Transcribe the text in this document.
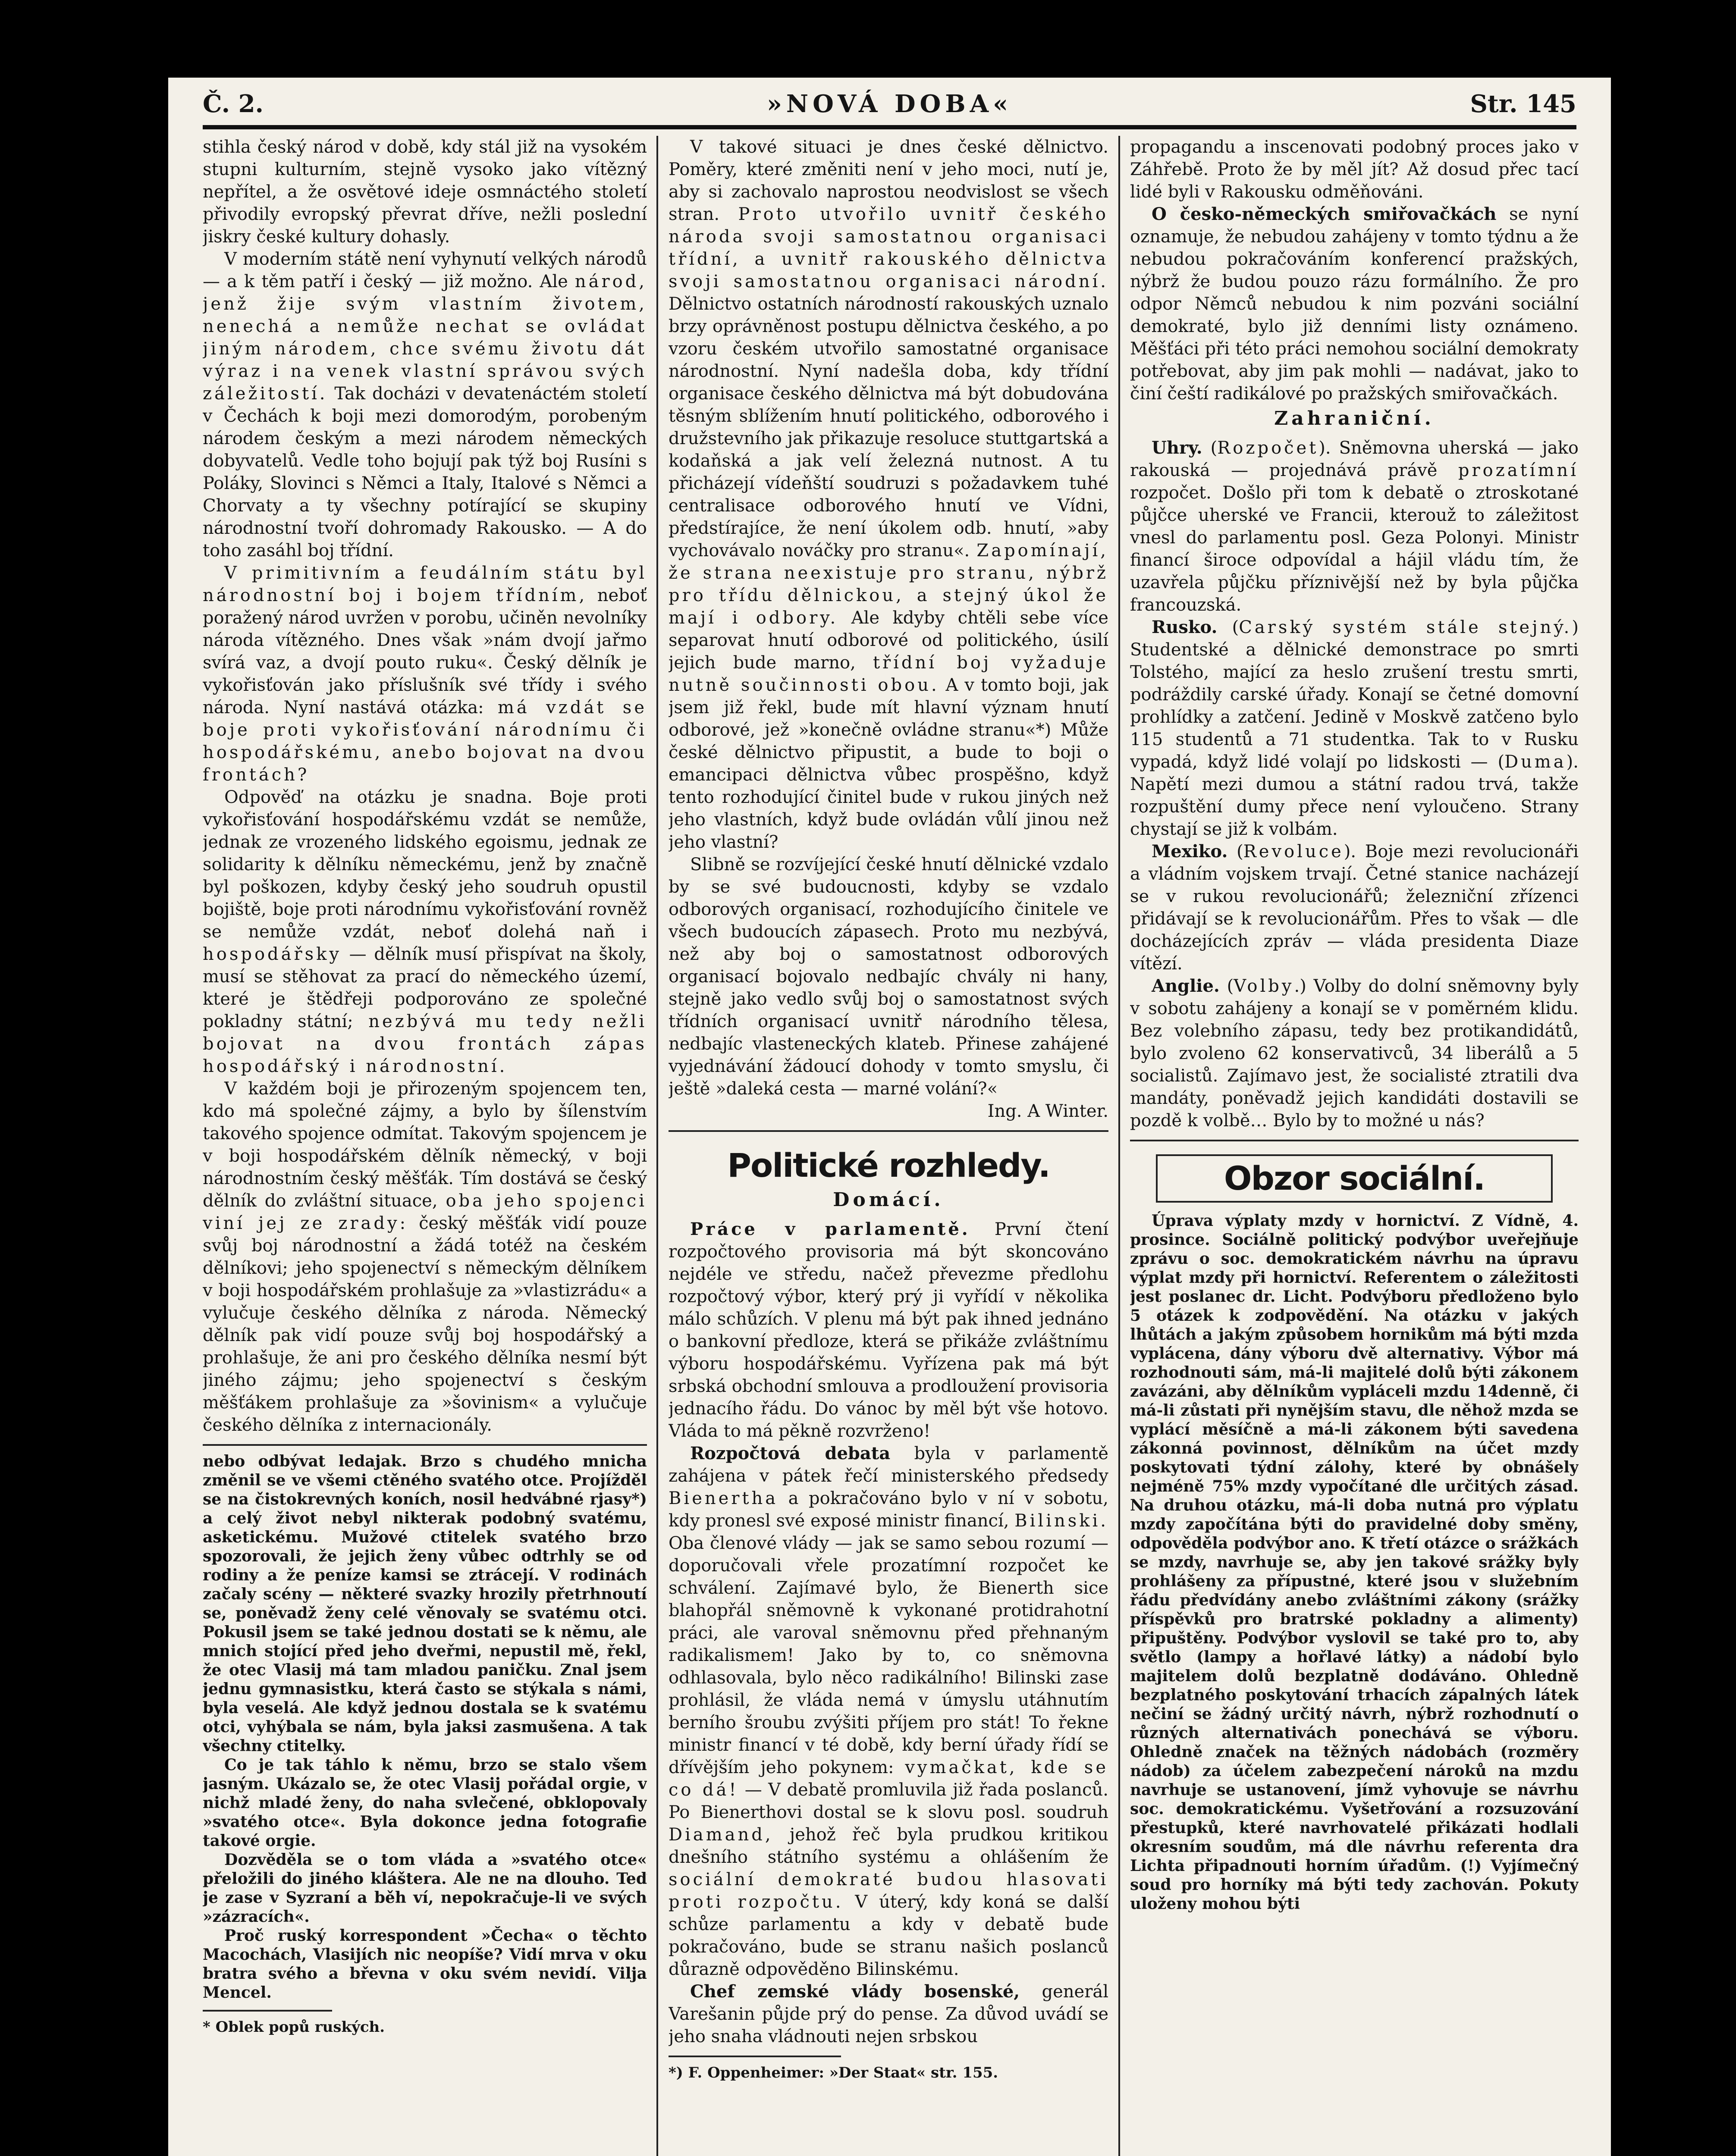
Č. 2.	»NOVÁ DOBA«	Str. 145

stihla český národ v době, kdy stál již na vysokém stupni kulturním, stejně vysoko jako vítězný nepřítel, a že osvětové ideje osmnáctého století přivodily evropský převrat dříve, nežli poslední jiskry české kultury dohasly.

V moderním státě není vyhynutí velkých národů — a k těm patří i český — již možno. Ale národ, jenž žije svým vlastním životem, nenechá a nemůže nechat se ovládat jiným národem, chce svému životu dát výraz i na venek vlastní správou svých záležitostí. Tak docházi v devatenáctém století v Čechách k boji mezi domorodým, porobeným národem českým a mezi národem německých dobyvatelů. Vedle toho bojují pak týž boj Rusíni s Poláky, Slovinci s Němci a Italy, Italové s Němci a Chorvaty a ty všechny potírající se skupiny národnostní tvoří dohromady Rakousko. — A do toho zasáhl boj třídní.

V primitivním a feudálním státu byl národnostní boj i bojem třídním, neboť poražený národ uvržen v porobu, učiněn nevolníky národa vítězného. Dnes však »nám dvojí jařmo svírá vaz, a dvojí pouto ruku«. Český dělník je vykořisťován jako příslušník své třídy i svého národa. Nyní nastává otázka: má vzdát se boje proti vykořisťování národnímu či hospodářskému, anebo bojovat na dvou frontách?

Odpověď na otázku je snadna. Boje proti vykořisťování hospodářskému vzdát se nemůže, jednak ze vrozeného lidského egoismu, jednak ze solidarity k dělníku německému, jenž by značně byl poškozen, kdyby český jeho soudruh opustil bojiště, boje proti národnímu vykořisťování rovněž se nemůže vzdát, neboť dolehá naň i hospodářsky — dělník musí přispívat na školy, musí se stěhovat za prací do německého území, které je štědřeji podporováno ze společné pokladny státní; nezbývá mu tedy nežli bojovat na dvou frontách zápas hospodářský i národnostní.

V každém boji je přirozeným spojencem ten, kdo má společné zájmy, a bylo by šílenstvím takového spojence odmítat. Takovým spojencem je v boji hospodářském dělník německý, v boji národnostním český měšťák. Tím dostává se český dělník do zvláštní situace, oba jeho spojenci viní jej ze zrady: český měšťák vidí pouze svůj boj národnostní a žádá totéž na českém dělníkovi; jeho spojenectví s německým dělníkem v boji hospodářském prohlašuje za »vlastizrádu« a vylučuje českého dělníka z národa. Německý dělník pak vidí pouze svůj boj hospodářský a prohlašuje, že ani pro českého dělníka nesmí být jiného zájmu; jeho spojenectví s českým měšťákem prohlašuje za »šovinism« a vylučuje českého dělníka z internacionály.

nebo odbývat ledajak. Brzo s chudého mnicha změnil se ve všemi ctěného svatého otce. Projížděl se na čistokrevných koních, nosil hedvábné rjasy*) a celý život nebyl nikterak podobný svatému, asketickému. Mužové ctitelek svatého brzo spozorovali, že jejich ženy vůbec odtrhly se od rodiny a že peníze kamsi se ztrácejí. V rodinách začaly scény — některé svazky hrozily přetrhnoutí se, poněvadž ženy celé věnovaly se svatému otci. Pokusil jsem se také jednou dostati se k němu, ale mnich stojící před jeho dveřmi, nepustil mě, řekl, že otec Vlasij má tam mladou paničku. Znal jsem jednu gymnasistku, která často se stýkala s námi, byla veselá. Ale když jednou dostala se k svatému otci, vyhýbala se nám, byla jaksi zasmušena. A tak všechny ctitelky.

Co je tak táhlo k němu, brzo se stalo všem jasným. Ukázalo se, že otec Vlasij pořádal orgie, v nichž mladé ženy, do naha svlečené, obklopovaly »svatého otce«. Byla dokonce jedna fotografie takové orgie.

Dozvěděla se o tom vláda a »svatého otce« přeložili do jiného kláštera. Ale ne na dlouho. Teď je zase v Syzraní a běh ví, nepokračuje-li ve svých »zázracích«.

Proč ruský korrespondent »Čecha« o těchto Macochách, Vlasijích nic neopíše? Vidí mrva v oku bratra svého a břevna v oku svém nevidí. Vilja Mencel.

* Oblek popů ruských.

V takové situaci je dnes české dělnictvo. Poměry, které změniti není v jeho moci, nutí je, aby si zachovalo naprostou neodvislost se všech stran. Proto utvořilo uvnitř českého národa svoji samostatnou organisaci třídní, a uvnitř rakouského dělnictva svoji samostatnou organisaci národní. Dělnictvo ostatních národností rakouských uznalo brzy oprávněnost postupu dělnictva českého, a po vzoru českém utvořilo samostatné organisace národnostní. Nyní nadešla doba, kdy třídní organisace českého dělnictva má být dobudována těsným sblížením hnutí politického, odborového i družstevního jak přikazuje resoluce stuttgartská a kodaňská a jak velí železná nutnost. A tu přicházejí vídeňští soudruzi s požadavkem tuhé centralisace odborového hnutí ve Vídni, předstírajíce, že není úkolem odb. hnutí, »aby vychovávalo nováčky pro stranu«. Zapomínají, že strana neexistuje pro stranu, nýbrž pro třídu dělnickou, a stejný úkol že mají i odbory. Ale kdyby chtěli sebe více separovat hnutí odborové od politického, úsilí jejich bude marno, třídní boj vyžaduje nutně součinnosti obou. A v tomto boji, jak jsem již řekl, bude mít hlavní význam hnutí odborové, jež »konečně ovládne stranu«*) Může české dělnictvo připustit, a bude to boji o emancipaci dělnictva vůbec prospěšno, když tento rozhodující činitel bude v rukou jiných než jeho vlastních, když bude ovládán vůlí jinou než jeho vlastní?

Slibně se rozvíjející české hnutí dělnické vzdalo by se své budoucnosti, kdyby se vzdalo odborových organisací, rozhodujícího činitele ve všech budoucích zápasech. Proto mu nezbývá, než aby boj o samostatnost odborových organisací bojovalo nedbajíc chvály ni hany, stejně jako vedlo svůj boj o samostatnost svých třídních organisací uvnitř národního tělesa, nedbajíc vlasteneckých klateb. Přinese zahájené vyjednávání žádoucí dohody v tomto smyslu, či ještě »daleká cesta — marné volání?«

Ing. A Winter.

Politické rozhledy.

Domácí.

Práce v parlamentě. První čtení rozpočtového provisoria má být skoncováno nejdéle ve středu, načež převezme předlohu rozpočtový výbor, který prý ji vyřídí v několika málo schůzích. V plenu má být pak ihned jednáno o bankovní předloze, která se přikáže zvláštnímu výboru hospodářskému. Vyřízena pak má být srbská obchodní smlouva a prodloužení provisoria jednacího řádu. Do vánoc by měl být vše hotovo. Vláda to má pěkně rozvrženo!

Rozpočtová debata byla v parlamentě zahájena v pátek řečí ministerského předsedy Bienertha a pokračováno bylo v ní v sobotu, kdy pronesl své exposé ministr financí, Bilinski. Oba členové vlády — jak se samo sebou rozumí — doporučovali vřele prozatímní rozpočet ke schválení. Zajímavé bylo, že Bienerth sice blahopřál sněmovně k vykonané protidrahotní práci, ale varoval sněmovnu před přehnaným radikalismem! Jako by to, co sněmovna odhlasovala, bylo něco radikálního! Bilinski zase prohlásil, že vláda nemá v úmyslu utáhnutím berního šroubu zvýšiti příjem pro stát! To řekne ministr financí v té době, kdy berní úřady řídí se dřívějším jeho pokynem: vymačkat, kde se co dá! — V debatě promluvila již řada poslanců. Po Bienerthovi dostal se k slovu posl. soudruh Diamand, jehož řeč byla prudkou kritikou dnešního státního systému a ohlášením že sociální demokraté budou hlasovati proti rozpočtu. V úterý, kdy koná se další schůze parlamentu a kdy v debatě bude pokračováno, bude se stranu našich poslanců důrazně odpověděno Bilinskému.

Chef zemské vlády bosenské, generál Varešanin půjde prý do pense. Za důvod uvádí se jeho snaha vládnouti nejen srbskou

*) F. Oppenheimer: »Der Staat« str. 155.

propagandu a inscenovati podobný proces jako v Záhřebě. Proto že by měl jít? Až dosud přec tací lidé byli v Rakousku odměňováni.

O česko-německých smiřovačkách se nyní oznamuje, že nebudou zahájeny v tomto týdnu a že nebudou pokračováním konferencí pražských, nýbrž že budou pouzo rázu formálního. Že pro odpor Němců nebudou k nim pozváni sociální demokraté, bylo již denními listy oznámeno. Měšťáci při této práci nemohou sociální demokraty potřebovat, aby jim pak mohli — nadávat, jako to činí čeští radikálové po pražských smiřovačkách.

Zahraniční.

Uhry. (Rozpočet). Sněmovna uherská — jako rakouská — projednává právě prozatímní rozpočet. Došlo při tom k debatě o ztroskotané půjčce uherské ve Francii, kterouž to záležitost vnesl do parlamentu posl. Geza Polonyi. Ministr financí široce odpovídal a hájil vládu tím, že uzavřela půjčku příznivější než by byla půjčka francouzská.

Rusko. (Carský systém stále stejný.) Studentské a dělnické demonstrace po smrti Tolstého, mající za heslo zrušení trestu smrti, podráždily carské úřady. Konají se četné domovní prohlídky a zatčení. Jedině v Moskvě zatčeno bylo 115 studentů a 71 studentka. Tak to v Rusku vypadá, když lidé volají po lidskosti — (Duma). Napětí mezi dumou a státní radou trvá, takže rozpuštění dumy přece není vyloučeno. Strany chystají se již k volbám.

Mexiko. (Revoluce). Boje mezi revolucionáři a vládním vojskem trvají. Četné stanice nacházejí se v rukou revolucionářů; železniční zřízenci přidávají se k revolucionářům. Přes to však — dle docházejících zpráv — vláda presidenta Diaze vítězí.

Anglie. (Volby.) Volby do dolní sněmovny byly v sobotu zahájeny a konají se v poměrném klidu. Bez volebního zápasu, tedy bez protikandidátů, bylo zvoleno 62 konservativců, 34 liberálů a 5 socialistů. Zajímavo jest, že socialisté ztratili dva mandáty, poněvadž jejich kandidáti dostavili se pozdě k volbě… Bylo by to možné u nás?

Obzor sociální.

Úprava výplaty mzdy v hornictví. Z Vídně, 4. prosince. Sociálně politický podvýbor uveřejňuje zprávu o soc. demokratickém návrhu na úpravu výplat mzdy při hornictví. Referentem o záležitosti jest poslanec dr. Licht. Podvýboru předloženo bylo 5 otázek k zodpovědění. Na otázku v jakých lhůtách a jakým způsobem hornikům má býti mzda vyplácena, dány výboru dvě alternativy. Výbor má rozhodnouti sám, má-li majitelé dolů býti zákonem zavázáni, aby dělníkům vypláceli mzdu 14denně, či má-li zůstati při nynějším stavu, dle něhož mzda se vyplácí měsíčně a má-li zákonem býti savedena zákonná povinnost, dělníkům na účet mzdy poskytovati týdní zálohy, které by obnášely nejméně 75% mzdy vypočítané dle určitých zásad. Na druhou otázku, má-li doba nutná pro výplatu mzdy započítána býti do pravidelné doby směny, odpověděla podvýbor ano. K třetí otázce o srážkách se mzdy, navrhuje se, aby jen takové srážky byly prohlášeny za přípustné, které jsou v služebním řádu předvídány anebo zvláštními zákony (srážky příspěvků pro bratrské pokladny a alimenty) připuštěny. Podvýbor vyslovil se také pro to, aby světlo (lampy a hořlavé látky) a nádobí bylo majitelem dolů bezplatně dodáváno. Ohledně bezplatného poskytování trhacích zápalných látek nečiní se žádný určitý návrh, nýbrž rozhodnutí o různých alternativách ponechává se výboru. Ohledně značek na těžných nádobách (rozměry nádob) za účelem zabezpečení nároků na mzdu navrhuje se ustanovení, jímž vyhovuje se návrhu soc. demokratickému. Vyšetřování a rozsuzování přestupků, které navrhovatelé přikázati hodlali okresním soudům, má dle návrhu referenta dra Lichta připadnouti horním úřadům. (!) Vyjímečný soud pro horníky má býti tedy zachován. Pokuty uloženy mohou býti
